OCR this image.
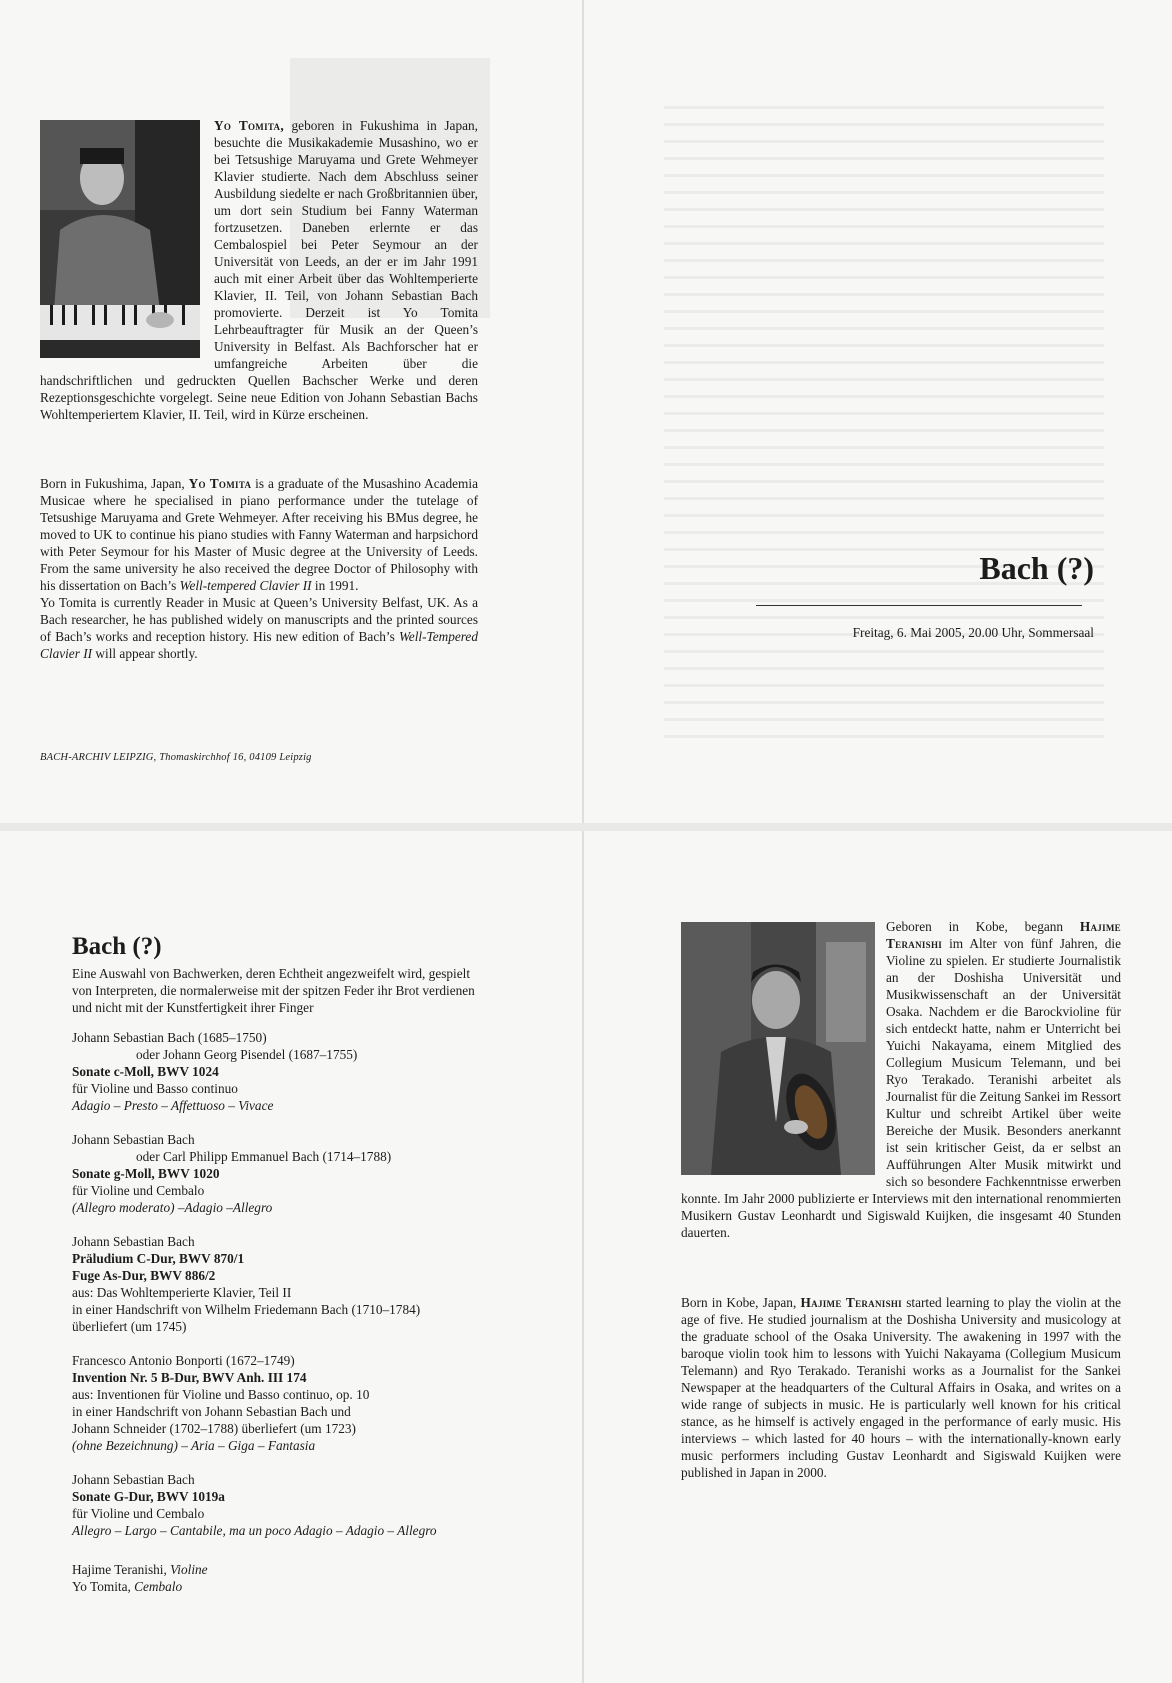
Yo Tomita, geboren in Fukushima in Japan, besuchte die Musikakademie Musashino, wo er bei Tetsushige Maruyama und Grete Wehmeyer Klavier studierte. Nach dem Abschluss seiner Ausbildung siedelte er nach Großbritannien über, um dort sein Studium bei Fanny Waterman fortzusetzen. Daneben erlernte er das Cembalospiel bei Peter Seymour an der Universität von Leeds, an der er im Jahr 1991 auch mit einer Arbeit über das Wohltemperierte Klavier, II. Teil, von Johann Sebastian Bach promovierte. Derzeit ist Yo Tomita Lehrbeauftragter für Musik an der Queen’s University in Belfast. Als Bachforscher hat er umfangreiche Arbeiten über die handschriftlichen und gedruckten Quellen Bachscher Werke und deren Rezeptionsgeschichte vorgelegt. Seine neue Edition von Johann Sebastian Bachs Wohltemperiertem Klavier, II. Teil, wird in Kürze erscheinen.
Born in Fukushima, Japan, Yo Tomita is a graduate of the Musashino Academia Musicae where he specialised in piano performance under the tutelage of Tetsushige Maruyama and Grete Wehmeyer. After receiving his BMus degree, he moved to UK to continue his piano studies with Fanny Waterman and harpsichord with Peter Seymour for his Master of Music degree at the University of Leeds. From the same university he also received the degree Doctor of Philosophy with his dissertation on Bach’s Well-tempered Clavier II in 1991.
Yo Tomita is currently Reader in Music at Queen’s University Belfast, UK. As a Bach researcher, he has published widely on manuscripts and the printed sources of Bach’s works and reception history. His new edition of Bach’s Well-Tempered Clavier II will appear shortly.
BACH-ARCHIV LEIPZIG, Thomaskirchhof 16, 04109 Leipzig
Bach (?)
Freitag, 6. Mai 2005, 20.00 Uhr, Sommersaal
Bach (?)
Eine Auswahl von Bachwerken, deren Echtheit angezweifelt wird, gespielt von Interpreten, die normalerweise mit der spitzen Feder ihr Brot verdienen und nicht mit der Kunstfertigkeit ihrer Finger
Johann Sebastian Bach (1685–1750)
oder Johann Georg Pisendel (1687–1755)
Sonate c-Moll, BWV 1024
für Violine und Basso continuo
Adagio – Presto – Affettuoso – Vivace
Johann Sebastian Bach
oder Carl Philipp Emmanuel Bach (1714–1788)
Sonate g-Moll, BWV 1020
für Violine und Cembalo
(Allegro moderato) –Adagio –Allegro
Johann Sebastian Bach
Präludium C-Dur, BWV 870/1
Fuge As-Dur, BWV 886/2
aus: Das Wohltemperierte Klavier, Teil II
in einer Handschrift von Wilhelm Friedemann Bach (1710–1784)
überliefert (um 1745)
Francesco Antonio Bonporti (1672–1749)
Invention Nr. 5 B-Dur, BWV Anh. III 174
aus: Inventionen für Violine und Basso continuo, op. 10
in einer Handschrift von Johann Sebastian Bach und
Johann Schneider (1702–1788) überliefert (um 1723)
(ohne Bezeichnung) – Aria – Giga – Fantasia
Johann Sebastian Bach
Sonate G-Dur, BWV 1019a
für Violine und Cembalo
Allegro – Largo – Cantabile, ma un poco Adagio – Adagio – Allegro
Hajime Teranishi, Violine
Yo Tomita, Cembalo
Geboren in Kobe, begann Hajime Teranishi im Alter von fünf Jahren, die Violine zu spielen. Er studierte Journalistik an der Doshisha Universität und Musikwissenschaft an der Universität Osaka. Nachdem er die Barockvioline für sich entdeckt hatte, nahm er Unterricht bei Yuichi Nakayama, einem Mitglied des Collegium Musicum Telemann, und bei Ryo Terakado. Teranishi arbeitet als Journalist für die Zeitung Sankei im Ressort Kultur und schreibt Artikel über weite Bereiche der Musik. Besonders anerkannt ist sein kritischer Geist, da er selbst an Aufführungen Alter Musik mitwirkt und sich so besondere Fachkenntnisse erwerben konnte. Im Jahr 2000 publizierte er Interviews mit den international renommierten Musikern Gustav Leonhardt und Sigiswald Kuijken, die insgesamt 40 Stunden dauerten.
Born in Kobe, Japan, Hajime Teranishi started learning to play the violin at the age of five. He studied journalism at the Doshisha University and musicology at the graduate school of the Osaka University. The awakening in 1997 with the baroque violin took him to lessons with Yuichi Nakayama (Collegium Musicum Telemann) and Ryo Terakado. Teranishi works as a Journalist for the Sankei Newspaper at the headquarters of the Cultural Affairs in Osaka, and writes on a wide range of subjects in music. He is particularly well known for his critical stance, as he himself is actively engaged in the performance of early music. His interviews – which lasted for 40 hours – with the internationally-known early music performers including Gustav Leonhardt and Sigiswald Kuijken were published in Japan in 2000.
